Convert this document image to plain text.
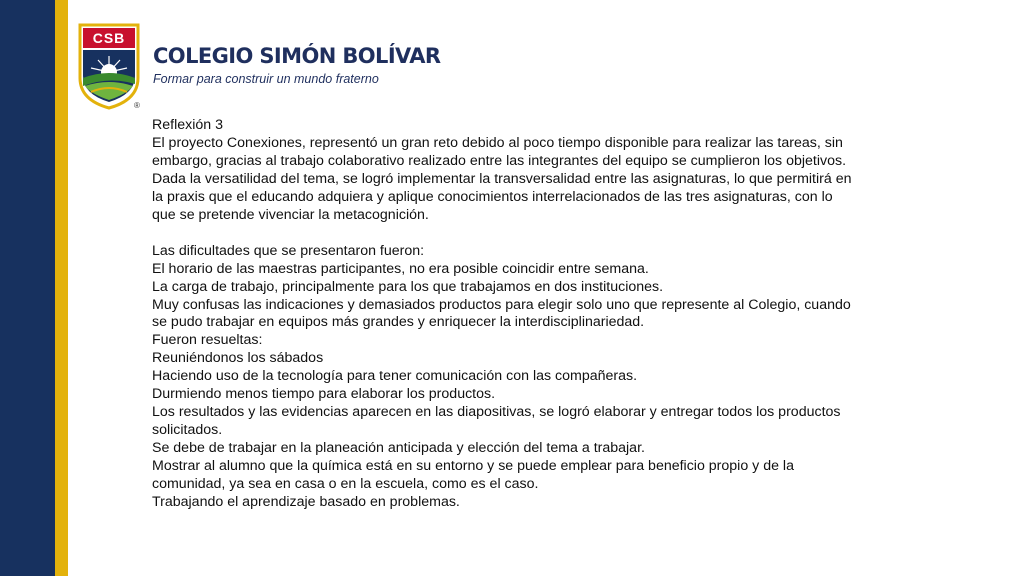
CSB
®
COLEGIO SIMÓN BOLÍVAR
Formar para construir un mundo fraterno
Reflexión 3
El proyecto Conexiones, representó un gran reto debido al poco tiempo disponible para realizar las tareas, sin
embargo, gracias al trabajo colaborativo realizado entre las integrantes del equipo se cumplieron los objetivos.
Dada la versatilidad del tema, se logró implementar la transversalidad entre las asignaturas, lo que permitirá en
la praxis que el educando adquiera y aplique conocimientos interrelacionados de las tres asignaturas, con lo
que se pretende vivenciar la metacognición.
Las dificultades que se presentaron fueron:
El horario de las maestras participantes, no era posible coincidir entre semana.
La carga de trabajo, principalmente para los que trabajamos en dos instituciones.
Muy confusas las indicaciones y demasiados productos para elegir solo uno que represente al Colegio, cuando
se pudo trabajar en equipos más grandes y enriquecer la interdisciplinariedad.
Fueron resueltas:
Reuniéndonos los sábados
Haciendo uso de la tecnología para tener comunicación con las compañeras.
Durmiendo menos tiempo para elaborar los productos.
Los resultados y las evidencias aparecen en las diapositivas, se logró elaborar y entregar todos los productos
solicitados.
Se debe de trabajar en la planeación anticipada y elección del tema a trabajar.
Mostrar al alumno que la química está en su entorno y se puede emplear para beneficio propio y de la
comunidad, ya sea en casa o en la escuela, como es el caso.
Trabajando el aprendizaje basado en problemas.
